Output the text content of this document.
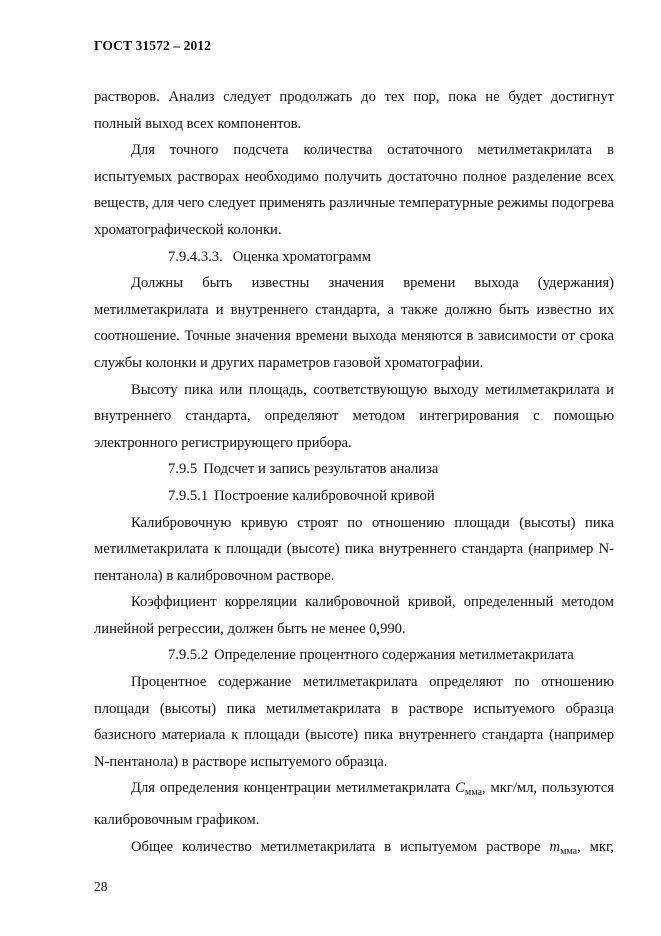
ГОСТ 31572 – 2012

растворов. Анализ следует продолжать до тех пор, пока не будет достигнут полный выход всех компонентов.

Для точного подсчета количества остаточного метилметакрилата в испытуемых растворах необходимо получить достаточно полное разделение всех веществ, для чего следует применять различные температурные режимы подогрева хроматографической колонки.

7.9.4.3.3. Оценка хроматограмм

Должны быть известны значения времени выхода (удержания) метилметакрилата и внутреннего стандарта, а также должно быть известно их соотношение. Точные значения времени выхода меняются в зависимости от срока службы колонки и других параметров газовой хроматографии.

Высоту пика или площадь, соответствующую выходу метилметакрилата и внутреннего стандарта, определяют методом интегрирования с помощью электронного регистрирующего прибора.

7.9.5 Подсчет и запись результатов анализа

7.9.5.1 Построение калибровочной кривой

Калибровочную кривую строят по отношению площади (высоты) пика метилметакрилата к площади (высоте) пика внутреннего стандарта (например N-пентанола) в калибровочном растворе.

Коэффициент корреляции калибровочной кривой, определенный методом линейной регрессии, должен быть не менее 0,990.

7.9.5.2 Определение процентного содержания метилметакрилата

Процентное содержание метилметакрилата определяют по отношению площади (высоты) пика метилметакрилата в растворе испытуемого образца базисного материала к площади (высоте) пика внутреннего стандарта (например N-пентанола) в растворе испытуемого образца.

Для определения концентрации метилметакрилата $C_{мма}$, мкг/мл, пользуются калибровочным графиком.

Общее количество метилметакрилата в испытуемом растворе $m_{мма}$, мкг,

28
